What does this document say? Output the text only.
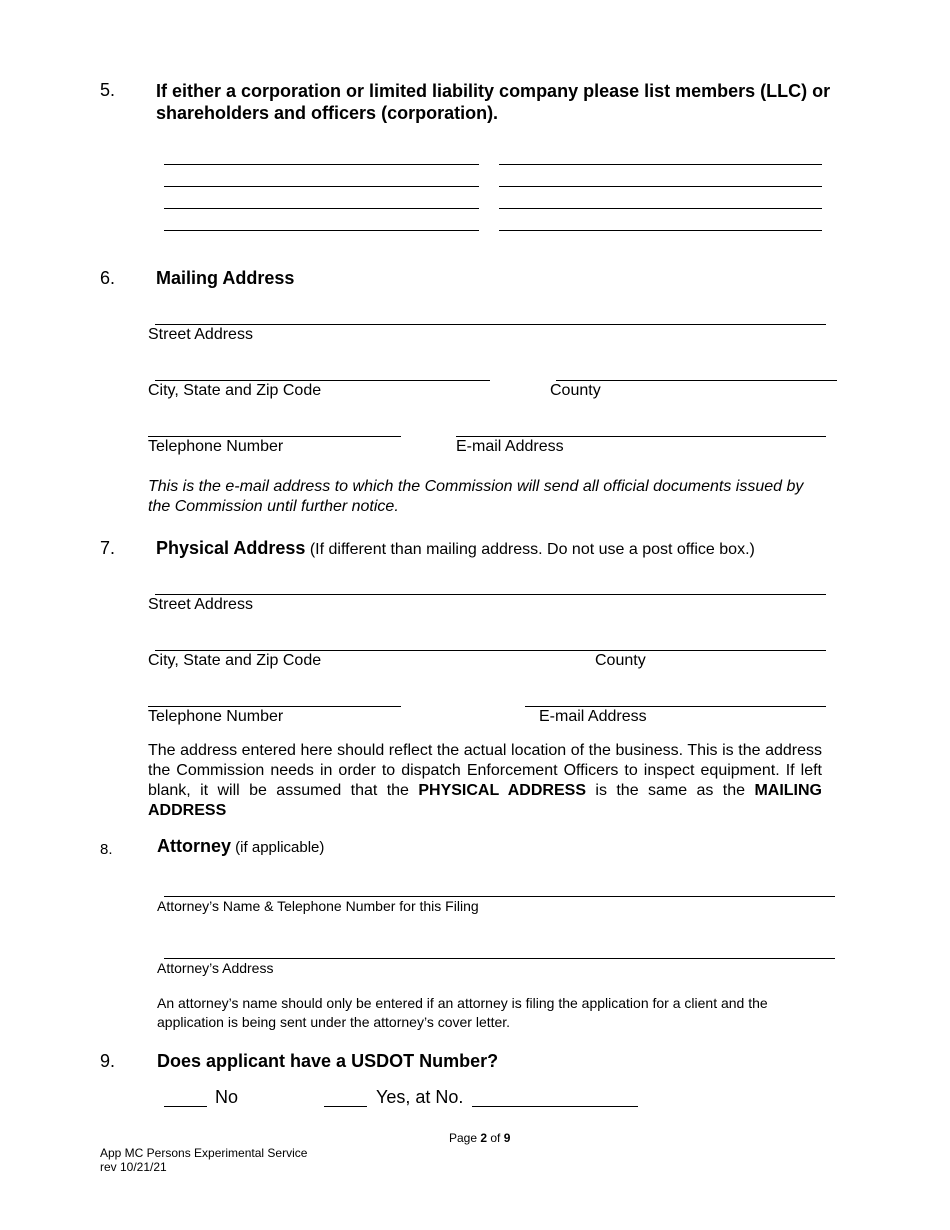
5. If either a corporation or limited liability company please list members (LLC) or shareholders and officers (corporation).
6. Mailing Address
Street Address
City, State and Zip Code	County
Telephone Number	E-mail Address
This is the e-mail address to which the Commission will send all official documents issued by the Commission until further notice.
7. Physical Address (If different than mailing address. Do not use a post office box.)
Street Address
City, State and Zip Code	County
Telephone Number	E-mail Address
The address entered here should reflect the actual location of the business. This is the address the Commission needs in order to dispatch Enforcement Officers to inspect equipment. If left blank, it will be assumed that the PHYSICAL ADDRESS is the same as the MAILING ADDRESS
8. Attorney (if applicable)
Attorney’s Name & Telephone Number for this Filing
Attorney’s Address
An attorney’s name should only be entered if an attorney is filing the application for a client and the application is being sent under the attorney’s cover letter.
9. Does applicant have a USDOT Number?
No	Yes, at No.
Page 2 of 9
App MC Persons Experimental Service
rev 10/21/21
